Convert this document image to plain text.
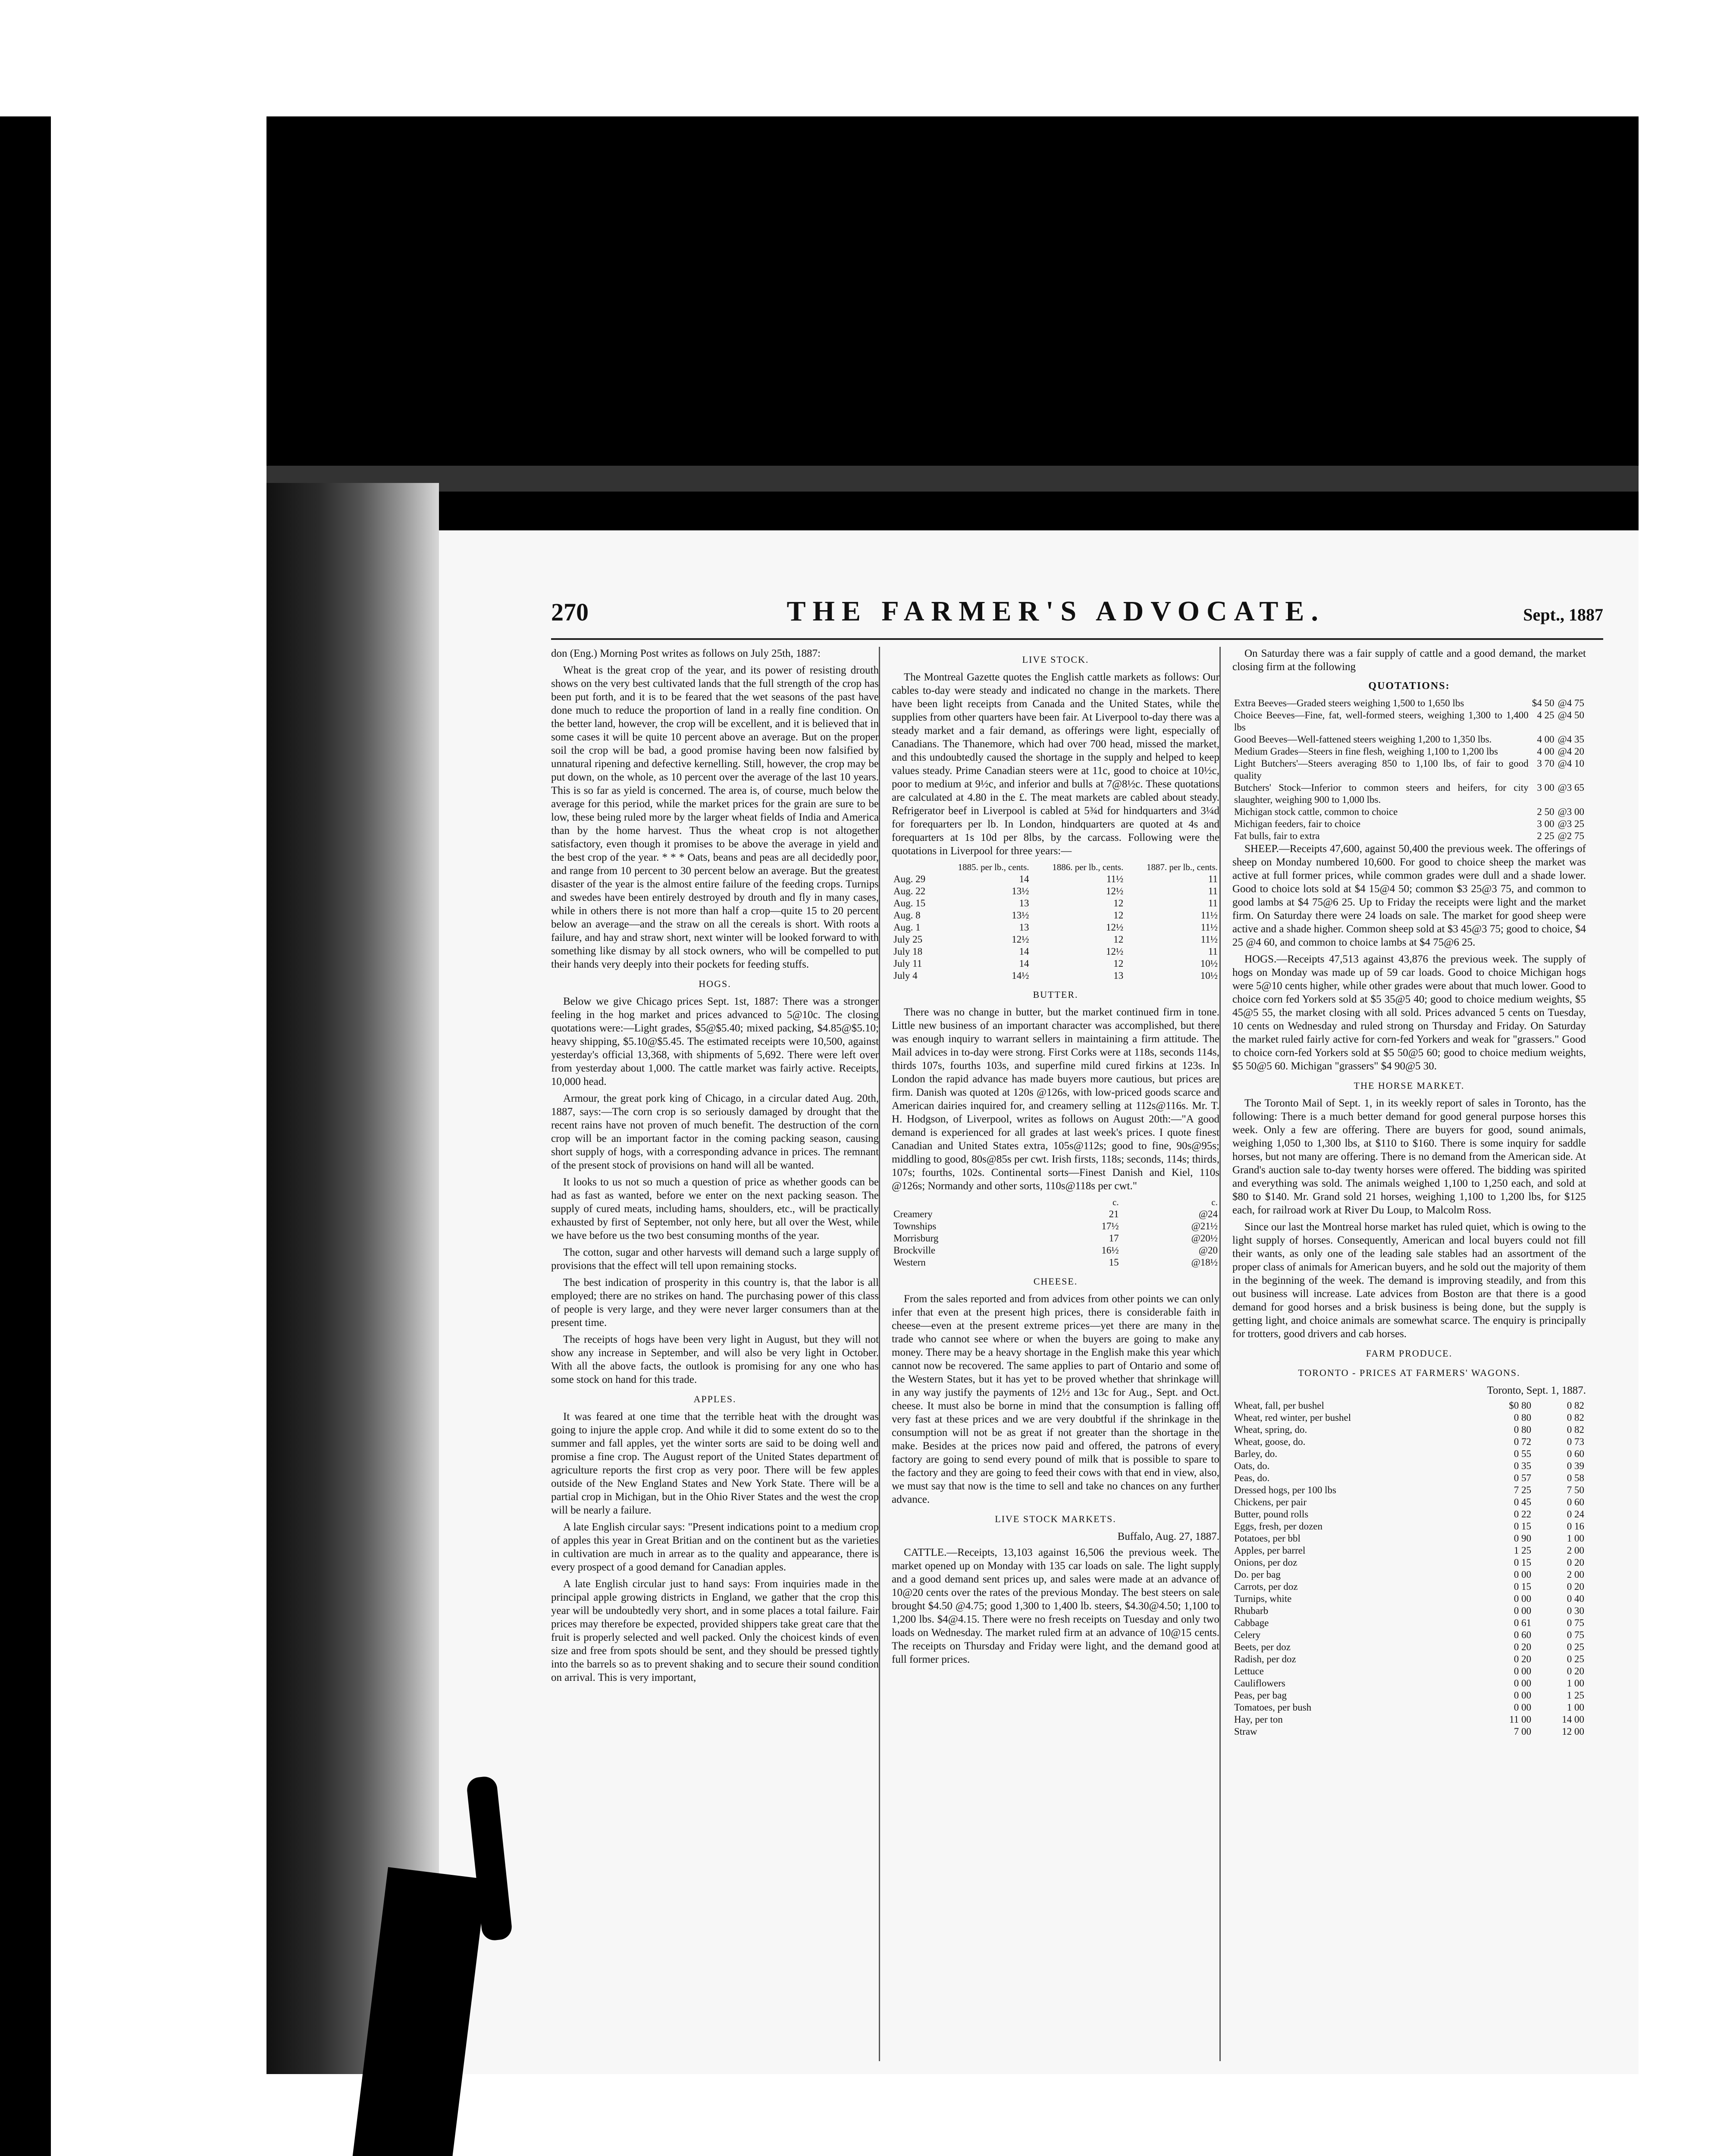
270	THE FARMER'S ADVOCATE.	Sept., 1887

don (Eng.) Morning Post writes as follows on July 25th, 1887:

Wheat is the great crop of the year, and its power of resisting drouth shows on the very best cultivated lands that the full strength of the crop has been put forth, and it is to be feared that the wet seasons of the past have done much to reduce the proportion of land in a really fine condition. On the better land, however, the crop will be excellent, and it is believed that in some cases it will be quite 10 percent above an average. But on the proper soil the crop will be bad, a good promise having been now falsified by unnatural ripening and defective kernelling. Still, however, the crop may be put down, on the whole, as 10 percent over the average of the last 10 years. This is so far as yield is concerned. The area is, of course, much below the average for this period, while the market prices for the grain are sure to be low, these being ruled more by the larger wheat fields of India and America than by the home harvest. Thus the wheat crop is not altogether satisfactory, even though it promises to be above the average in yield and the best crop of the year. * * * Oats, beans and peas are all decidedly poor, and range from 10 percent to 30 percent below an average. But the greatest disaster of the year is the almost entire failure of the feeding crops. Turnips and swedes have been entirely destroyed by drouth and fly in many cases, while in others there is not more than half a crop—quite 15 to 20 percent below an average—and the straw on all the cereals is short. With roots a failure, and hay and straw short, next winter will be looked forward to with something like dismay by all stock owners, who will be compelled to put their hands very deeply into their pockets for feeding stuffs.

HOGS.

Below we give Chicago prices Sept. 1st, 1887: There was a stronger feeling in the hog market and prices advanced to 5@10c. The closing quotations were:—Light grades, $5@$5.40; mixed packing, $4.85@$5.10; heavy shipping, $5.10@$5.45. The estimated receipts were 10,500, against yesterday's official 13,368, with shipments of 5,692. There were left over from yesterday about 1,000. The cattle market was fairly active. Receipts, 10,000 head.

Armour, the great pork king of Chicago, in a circular dated Aug. 20th, 1887, says:—The corn crop is so seriously damaged by drought that the recent rains have not proven of much benefit. The destruction of the corn crop will be an important factor in the coming packing season, causing short supply of hogs, with a corresponding advance in prices. The remnant of the present stock of provisions on hand will all be wanted.

It looks to us not so much a question of price as whether goods can be had as fast as wanted, before we enter on the next packing season. The supply of cured meats, including hams, shoulders, etc., will be practically exhausted by first of September, not only here, but all over the West, while we have before us the two best consuming months of the year.

The cotton, sugar and other harvests will demand such a large supply of provisions that the effect will tell upon remaining stocks.

The best indication of prosperity in this country is, that the labor is all employed; there are no strikes on hand. The purchasing power of this class of people is very large, and they were never larger consumers than at the present time.

The receipts of hogs have been very light in August, but they will not show any increase in September, and will also be very light in October. With all the above facts, the outlook is promising for any one who has some stock on hand for this trade.

APPLES.

It was feared at one time that the terrible heat with the drought was going to injure the apple crop. And while it did to some extent do so to the summer and fall apples, yet the winter sorts are said to be doing well and promise a fine crop. The August report of the United States department of agriculture reports the first crop as very poor. There will be few apples outside of the New England States and New York State. There will be a partial crop in Michigan, but in the Ohio River States and the west the crop will be nearly a failure.

A late English circular says: "Present indications point to a medium crop of apples this year in Great Britian and on the continent but as the varieties in cultivation are much in arrear as to the quality and appearance, there is every prospect of a good demand for Canadian apples.

A late English circular just to hand says: From inquiries made in the principal apple growing districts in England, we gather that the crop this year will be undoubtedly very short, and in some places a total failure. Fair prices may therefore be expected, provided shippers take great care that the fruit is properly selected and well packed. Only the choicest kinds of even size and free from spots should be sent, and they should be pressed tightly into the barrels so as to prevent shaking and to secure their sound condition on arrival. This is very important,

LIVE STOCK.

The Montreal Gazette quotes the English cattle markets as follows: Our cables to-day were steady and indicated no change in the markets. There have been light receipts from Canada and the United States, while the supplies from other quarters have been fair. At Liverpool to-day there was a steady market and a fair demand, as offerings were light, especially of Canadians. The Thanemore, which had over 700 head, missed the market, and this undoubtedly caused the shortage in the supply and helped to keep values steady. Prime Canadian steers were at 11c, good to choice at 10½c, poor to medium at 9½c, and inferior and bulls at 7@8½c. These quotations are calculated at 4.80 in the £. The meat markets are cabled about steady. Refrigerator beef in Liverpool is cabled at 5¾d for hindquarters and 3¼d for forequarters per lb. In London, hindquarters are quoted at 4s and forequarters at 1s 10d per 8lbs, by the carcass. Following were the quotations in Liverpool for three years:—

	1885. per lb., cents.	1886. per lb., cents.	1887. per lb., cents.
Aug. 29	14	11½	11
Aug. 22	13½	12½	11
Aug. 15	13	12	11
Aug. 8	13½	12	11½
Aug. 1	13	12½	11½
July 25	12½	12	11½
July 18	14	12½	11
July 11	14	12	10½
July 4	14½	13	10½
BUTTER.

There was no change in butter, but the market continued firm in tone. Little new business of an important character was accomplished, but there was enough inquiry to warrant sellers in maintaining a firm attitude. The Mail advices in to-day were strong. First Corks were at 118s, seconds 114s, thirds 107s, fourths 103s, and superfine mild cured firkins at 123s. In London the rapid advance has made buyers more cautious, but prices are firm. Danish was quoted at 120s @126s, with low-priced goods scarce and American dairies inquired for, and creamery selling at 112s@116s. Mr. T. H. Hodgson, of Liverpool, writes as follows on August 20th:—"A good demand is experienced for all grades at last week's prices. I quote finest Canadian and United States extra, 105s@112s; good to fine, 90s@95s; middling to good, 80s@85s per cwt. Irish firsts, 118s; seconds, 114s; thirds, 107s; fourths, 102s. Continental sorts—Finest Danish and Kiel, 110s @126s; Normandy and other sorts, 110s@118s per cwt."

	c.	c.
Creamery	21	@24
Townships	17½	@21½
Morrisburg	17	@20½
Brockville	16½	@20
Western	15	@18½
CHEESE.

From the sales reported and from advices from other points we can only infer that even at the present high prices, there is considerable faith in cheese—even at the present extreme prices—yet there are many in the trade who cannot see where or when the buyers are going to make any money. There may be a heavy shortage in the English make this year which cannot now be recovered. The same applies to part of Ontario and some of the Western States, but it has yet to be proved whether that shrinkage will in any way justify the payments of 12½ and 13c for Aug., Sept. and Oct. cheese. It must also be borne in mind that the consumption is falling off very fast at these prices and we are very doubtful if the shrinkage in the consumption will not be as great if not greater than the shortage in the make. Besides at the prices now paid and offered, the patrons of every factory are going to send every pound of milk that is possible to spare to the factory and they are going to feed their cows with that end in view, also, we must say that now is the time to sell and take no chances on any further advance.

LIVE STOCK MARKETS.
Buffalo, Aug. 27, 1887.

CATTLE.—Receipts, 13,103 against 16,506 the previous week. The market opened up on Monday with 135 car loads on sale. The light supply and a good demand sent prices up, and sales were made at an advance of 10@20 cents over the rates of the previous Monday. The best steers on sale brought $4.50 @4.75; good 1,300 to 1,400 lb. steers, $4.30@4.50; 1,100 to 1,200 lbs. $4@4.15. There were no fresh receipts on Tuesday and only two loads on Wednesday. The market ruled firm at an advance of 10@15 cents. The receipts on Thursday and Friday were light, and the demand good at full former prices.

On Saturday there was a fair supply of cattle and a good demand, the market closing firm at the following

QUOTATIONS:
Extra Beeves—Graded steers weighing 1,500 to 1,650 lbs	$4 50	@4 75
Choice Beeves—Fine, fat, well-formed steers, weighing 1,300 to 1,400 lbs	4 25	@4 50
Good Beeves—Well-fattened steers weighing 1,200 to 1,350 lbs.	4 00	@4 35
Medium Grades—Steers in fine flesh, weighing 1,100 to 1,200 lbs	4 00	@4 20
Light Butchers'—Steers averaging 850 to 1,100 lbs, of fair to good quality	3 70	@4 10
Butchers' Stock—Inferior to common steers and heifers, for city slaughter, weighing 900 to 1,000 lbs.	3 00	@3 65
Michigan stock cattle, common to choice	2 50	@3 00
Michigan feeders, fair to choice	3 00	@3 25
Fat bulls, fair to extra	2 25	@2 75

SHEEP.—Receipts 47,600, against 50,400 the previous week. The offerings of sheep on Monday numbered 10,600. For good to choice sheep the market was active at full former prices, while common grades were dull and a shade lower. Good to choice lots sold at $4 15@4 50; common $3 25@3 75, and common to good lambs at $4 75@6 25. Up to Friday the receipts were light and the market firm. On Saturday there were 24 loads on sale. The market for good sheep were active and a shade higher. Common sheep sold at $3 45@3 75; good to choice, $4 25 @4 60, and common to choice lambs at $4 75@6 25.

HOGS.—Receipts 47,513 against 43,876 the previous week. The supply of hogs on Monday was made up of 59 car loads. Good to choice Michigan hogs were 5@10 cents higher, while other grades were about that much lower. Good to choice corn fed Yorkers sold at $5 35@5 40; good to choice medium weights, $5 45@5 55, the market closing with all sold. Prices advanced 5 cents on Tuesday, 10 cents on Wednesday and ruled strong on Thursday and Friday. On Saturday the market ruled fairly active for corn-fed Yorkers and weak for "grassers." Good to choice corn-fed Yorkers sold at $5 50@5 60; good to choice medium weights, $5 50@5 60. Michigan "grassers" $4 90@5 30.

THE HORSE MARKET.

The Toronto Mail of Sept. 1, in its weekly report of sales in Toronto, has the following: There is a much better demand for good general purpose horses this week. Only a few are offering. There are buyers for good, sound animals, weighing 1,050 to 1,300 lbs, at $110 to $160. There is some inquiry for saddle horses, but not many are offering. There is no demand from the American side. At Grand's auction sale to-day twenty horses were offered. The bidding was spirited and everything was sold. The animals weighed 1,100 to 1,250 each, and sold at $80 to $140. Mr. Grand sold 21 horses, weighing 1,100 to 1,200 lbs, for $125 each, for railroad work at River Du Loup, to Malcolm Ross.

Since our last the Montreal horse market has ruled quiet, which is owing to the light supply of horses. Consequently, American and local buyers could not fill their wants, as only one of the leading sale stables had an assortment of the proper class of animals for American buyers, and he sold out the majority of them in the beginning of the week. The demand is improving steadily, and from this out business will increase. Late advices from Boston are that there is a good demand for good horses and a brisk business is being done, but the supply is getting light, and choice animals are somewhat scarce. The enquiry is principally for trotters, good drivers and cab horses.

FARM PRODUCE.
TORONTO - PRICES AT FARMERS' WAGONS.
Toronto, Sept. 1, 1887.
Wheat, fall, per bushel	$0 80	0 82
Wheat, red winter, per bushel	0 80	0 82
Wheat, spring, do.	0 80	0 82
Wheat, goose, do.	0 72	0 73
Barley, do.	0 55	0 60
Oats, do.	0 35	0 39
Peas, do.	0 57	0 58
Dressed hogs, per 100 lbs	7 25	7 50
Chickens, per pair	0 45	0 60
Butter, pound rolls	0 22	0 24
Eggs, fresh, per dozen	0 15	0 16
Potatoes, per bbl	0 90	1 00
Apples, per barrel	1 25	2 00
Onions, per doz	0 15	0 20
Do. per bag	0 00	2 00
Carrots, per doz	0 15	0 20
Turnips, white	0 00	0 40
Rhubarb	0 00	0 30
Cabbage	0 61	0 75
Celery	0 60	0 75
Beets, per doz	0 20	0 25
Radish, per doz	0 20	0 25
Lettuce	0 00	0 20
Cauliflowers	0 00	1 00
Peas, per bag	0 00	1 25
Tomatoes, per bush	0 00	1 00
Hay, per ton	11 00	14 00
Straw	7 00	12 00
